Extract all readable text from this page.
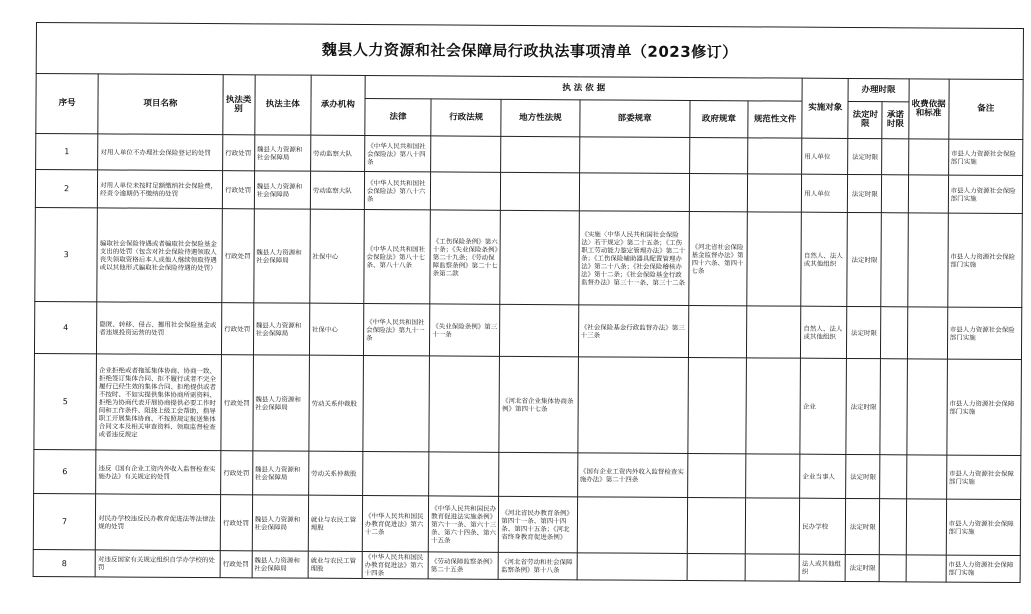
魏县人力资源和社会保障局行政执法事项清单（2023修订）															
序号	项目名称	执法类别	执法主体	承办机构	执 法 依 据						实施对象	办理时限		收费依据和标准	备注
					法律	行政法规	地方性法规	部委规章	政府规章	规范性文件		法定时限	承诺时限		
1	对用人单位不办理社会保险登记的处罚	行政处罚	魏县人力资源和社会保障局	劳动监察大队	《中华人民共和国社会保险法》第八十四条						用人单位	法定时限			市县人力资源社会保险部门实施
2	对用人单位未按时足额缴纳社会保险费，经责令逾期仍不缴纳的处罚	行政处罚	魏县人力资源和社会保障局	劳动监察大队	《中华人民共和国社会保险法》第八十六条						用人单位	法定时限			市县人力资源社会保险部门实施
3	骗取社会保险待遇或者骗取社会保险基金支出的处罚（包含对社会保险待遇领取人丧失领取资格后本人或他人继续领取待遇或以其他形式骗取社会保险待遇的处罚）	行政处罚	魏县人力资源和社会保障局	社保中心	《中华人民共和国社会保险法》第八十七条、第八十八条	《工伤保险条例》第六十条；《失业保险条例》第二十九条；《劳动保障监察条例》第二十七条第二款		《实施〈中华人民共和国社会保险法〉若干规定》第二十五条；《工伤职工劳动能力鉴定管理办法》第二十条；《工伤保险辅助器具配置管理办法》第二十八条；《社会保险稽核办法》第十二条；《社会保险基金行政监督办法》第三十一条、第三十二条	《河北省社会保险基金监督办法》第四十六条、第四十七条		自然人、法人或其他组织	法定时限			市县人力资源社会保险部门实施
4	隐匿、转移、侵占、挪用社会保险基金或者违规投资运营的处罚	行政处罚	魏县人力资源和社会保障局	社保中心	《中华人民共和国社会保险法》第九十一条	《失业保险条例》第三十一条		《社会保险基金行政监督办法》第三十三条			自然人、法人或其他组织	法定时限			市县人力资源社会保险部门实施
5	企业拒绝或者拖延集体协商、协商一致、拒绝签订集体合同、拒不履行或者不完全履行已经生效的集体合同、拒绝提供或者不按时、不如实提供集体协商所需资料、拒绝为协商代表开展协商提供必要工作时间和工作条件、阻挠上级工会帮助、指导职工开展集体协商、不按照规定报送集体合同文本及相关审查资料、领取监督检查或者违反规定	行政处罚	魏县人力资源和社会保障局	劳动关系仲裁股			《河北省企业集体协商条例》第四十七条				企业	法定时限			市县人力资源社会保障部门实施
6	违反《国有企业工资内外收入监督检查实施办法》有关规定的处罚	行政处罚	魏县人力资源和社会保障局	劳动关系仲裁股				《国有企业工资内外收入监督检查实施办法》第二十四条			企业当事人	法定时限			市县人力资源社会保障部门实施
7	对民办学校违反民办教育促进法等法律法规的处罚	行政处罚	魏县人力资源和社会保障局	就业与农民工管理股	《中华人民共和国民办教育促进法》第六十二条	《中华人民共和国民办教育促进法实施条例》第六十一条、第六十三条、第六十四条、第六十五条	《河北省民办教育条例》第四十一条、第四十四条、第四十五条；《河北省终身教育促进条例》				民办学校	法定时限			市县人力资源社会保障部门实施
8	对违反国家有关规定组织自学办学校的处罚	行政处罚	魏县人力资源和社会保障局	就业与农民工管理股	《中华人民共和国民办教育促进法》第六十四条	《劳动保障监察条例》第二十五条	《河北省劳动和社会保障监察条例》第十八条				法人或其他组织	法定时限			市县人力资源社会保障部门实施
